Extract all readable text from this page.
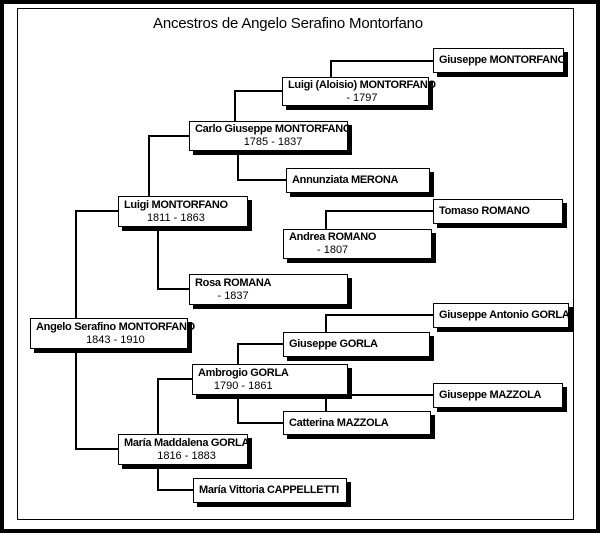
Ancestros de Angelo Serafino Montorfano
Angelo Serafino MONTORFANO
1843 - 1910
Luigi MONTORFANO
1811 - 1863
María Maddalena GORLA
1816 - 1883
Carlo Giuseppe MONTORFANO
1785 - 1837
Rosa ROMANA
- 1837
Ambrogio GORLA
1790 - 1861
María Vittoria CAPPELLETTI
Luigi (Aloisio) MONTORFANO
- 1797
Annunziata MERONA
Andrea ROMANO
- 1807
Tomaso ROMANO
Giuseppe MONTORFANO
Giuseppe GORLA
Giuseppe Antonio GORLA
Catterina MAZZOLA
Giuseppe MAZZOLA
